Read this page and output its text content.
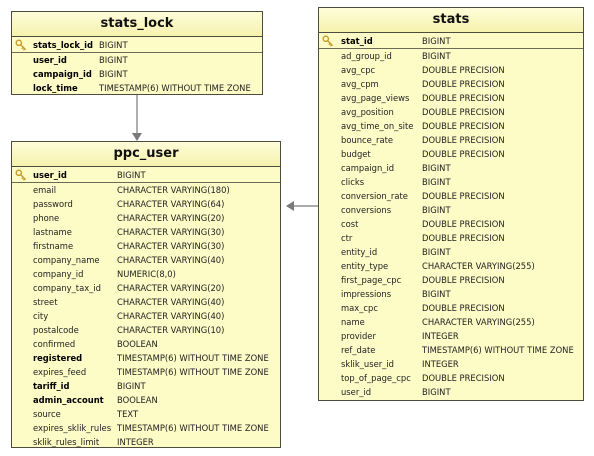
stats_lock
stats_lock_id BIGINT
user_id	BIGINT
campaign_id BIGINT
lock_time	TIMESTAMP(6) WITHOUT TIME ZONE
ppc_user
user_id	BIGINT
email	CHARACTER VARYING(180)
password	CHARACTER VARYING(64)
phone	CHARACTER VARYING(20)
lastname	CHARACTER VARYING(30)
firstname	CHARACTER VARYING(30)
company_name CHARACTER VARYING(40)
company_id	NUMERIC(8,0)
company_tax_id CHARACTER VARYING(20)
street	CHARACTER VARYING(40)
city	CHARACTER VARYING(40)
postalcode	CHARACTER VARYING(10)
confirmed	BOOLEAN
registered	TIMESTAMP(6) WITHOUT TIME ZONE
expires_feed	TIMESTAMP(6) WITHOUT TIME ZONE
tariff_id	BIGINT
admin_account BOOLEAN
source	TEXT
expires_sklik_rules TIMESTAMP(6) WITHOUT TIME ZONE
sklik_rules_limit INTEGER
stats
stat_id	BIGINT
ad_group_id	BIGINT
avg_cpc	DOUBLE PRECISION
avg_cpm	DOUBLE PRECISION
avg_page_views DOUBLE PRECISION
avg_position	DOUBLE PRECISION
avg_time_on_site DOUBLE PRECISION
bounce_rate	DOUBLE PRECISION
budget	DOUBLE PRECISION
campaign_id	BIGINT
clicks	BIGINT
conversion_rate DOUBLE PRECISION
conversions	BIGINT
cost	DOUBLE PRECISION
ctr	DOUBLE PRECISION
entity_id	BIGINT
entity_type	CHARACTER VARYING(255)
first_page_cpc DOUBLE PRECISION
impressions	BIGINT
max_cpc	DOUBLE PRECISION
name	CHARACTER VARYING(255)
provider	INTEGER
ref_date	TIMESTAMP(6) WITHOUT TIME ZONE
sklik_user_id	INTEGER
top_of_page_cpc DOUBLE PRECISION
user_id	BIGINT
